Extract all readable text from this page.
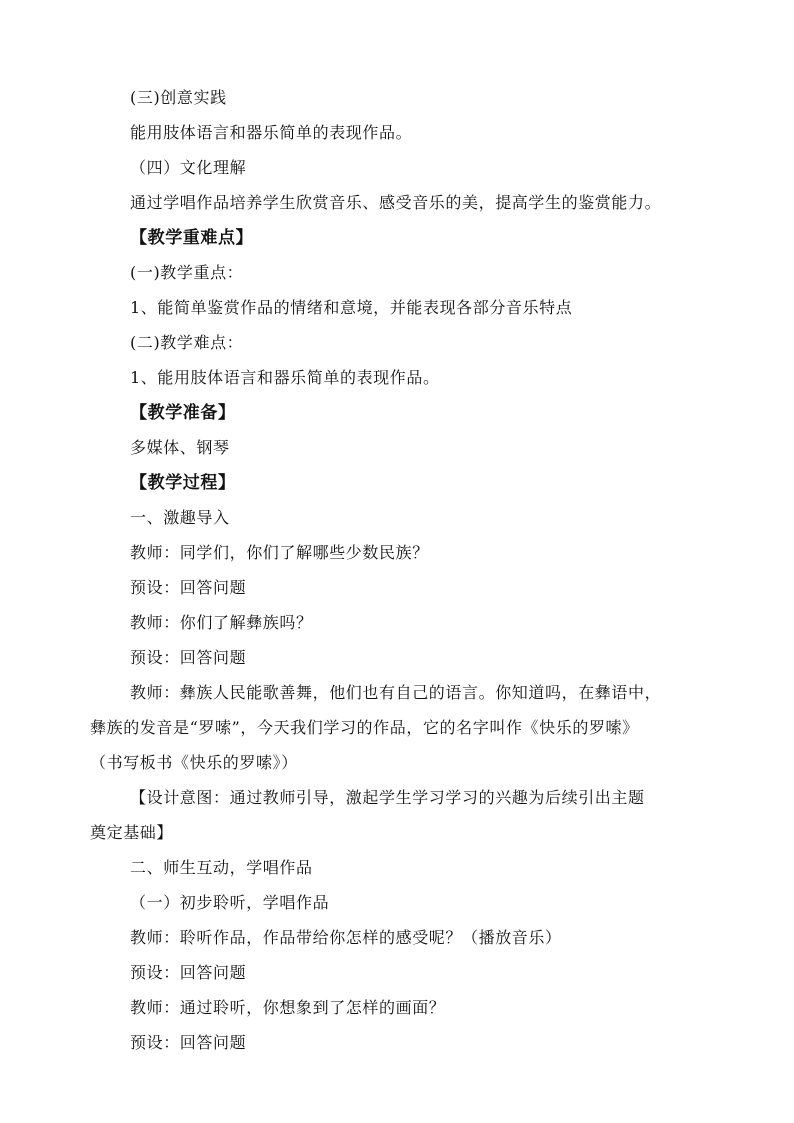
(三)创意实践
能用肢体语言和器乐简单的表现作品。
（四）文化理解
通过学唱作品培养学生欣赏音乐、感受音乐的美，提高学生的鉴赏能力。
【教学重难点】
(一)教学重点：
1、能简单鉴赏作品的情绪和意境，并能表现各部分音乐特点
(二)教学难点：
1、能用肢体语言和器乐简单的表现作品。
【教学准备】
多媒体、钢琴
【教学过程】
一、激趣导入
教师：同学们，你们了解哪些少数民族？
预设：回答问题
教师：你们了解彝族吗？
预设：回答问题
教师：彝族人民能歌善舞，他们也有自己的语言。你知道吗，在彝语中，
彝族的发音是“罗嗦”，今天我们学习的作品，它的名字叫作《快乐的罗嗦》
（书写板书《快乐的罗嗦》）
【设计意图：通过教师引导，激起学生学习学习的兴趣为后续引出主题
奠定基础】
二、师生互动，学唱作品
（一）初步聆听，学唱作品
教师：聆听作品，作品带给你怎样的感受呢？（播放音乐）
预设：回答问题
教师：通过聆听，你想象到了怎样的画面？
预设：回答问题
